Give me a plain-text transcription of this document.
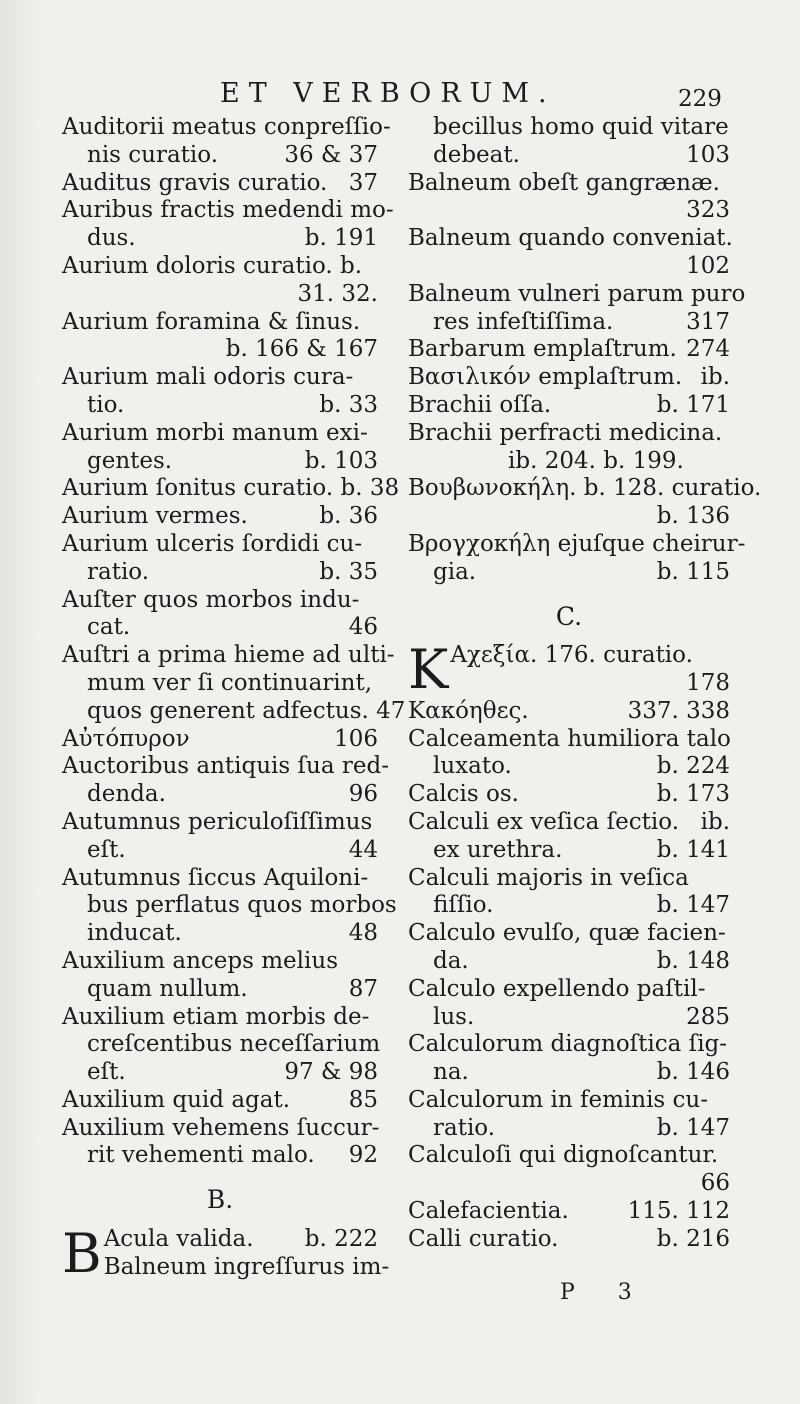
ET VERBORUM.	229
Auditorii meatus conpreſſio-
nis curatio.	36 & 37
Auditus gravis curatio. 37
Auribus fractis medendi mo-
dus.	b. 191
Aurium doloris curatio. b.
31. 32.
Aurium foramina & ſinus.
b. 166 & 167
Aurium mali odoris cura-
tio.	b. 33
Aurium morbi manum exi-
gentes.	b. 103
Aurium ſonitus curatio. b. 38
Aurium vermes.	b. 36
Aurium ulceris ſordidi cu-
ratio.	b. 35
Auſter quos morbos indu-
cat.	46
Auſtri a prima hieme ad ulti-
mum ver ſi continuarint,
quos generent adfectus. 47
Αὐτόπυρον	106
Auctoribus antiquis ſua red-
denda.	96
Autumnus periculoſiſſimus
eſt.	44
Autumnus ſiccus Aquiloni-
bus perflatus quos morbos
inducat.	48
Auxilium anceps melius
quam nullum.	87
Auxilium etiam morbis de-
creſcentibus neceſſarium
eſt.	97 & 98
Auxilium quid agat.	85
Auxilium vehemens ſuccur-
rit vehementi malo. 92
B.
B Acula valida. b. 222
Balneum ingreſſurus im-
becillus homo quid vitare
debeat.	103
Balneum obeſt gangrænæ.
323
Balneum quando conveniat.
102
Balneum vulneri parum puro
res infeſtiſſima.	317
Barbarum emplaſtrum. 274
Βασιλικόν emplaſtrum. ib.
Brachii oſſa.	b. 171
Brachii perfracti medicina.
ib. 204. b. 199.
Βουβωνοκήλη. b. 128. curatio.
b. 136
Βρογχοκήλη ejuſque cheirur-
gia.	b. 115
C.
K Αχεξία. 176. curatio.
178
Κακόηθες.	337. 338
Calceamenta humiliora talo
luxato.	b. 224
Calcis os.	b. 173
Calculi ex veſica ſectio. ib.
ex urethra.	b. 141
Calculi majoris in veſica
fiſſio.	b. 147
Calculo evulſo, quæ facien-
da.	b. 148
Calculo expellendo paſtil-
lus.	285
Calculorum diagnoſtica ſig-
na.	b. 146
Calculorum in feminis cu-
ratio.	b. 147
Calculoſi qui dignoſcantur.
66
Calefacientia.	115. 112
Calli curatio.	b. 216
P 3
